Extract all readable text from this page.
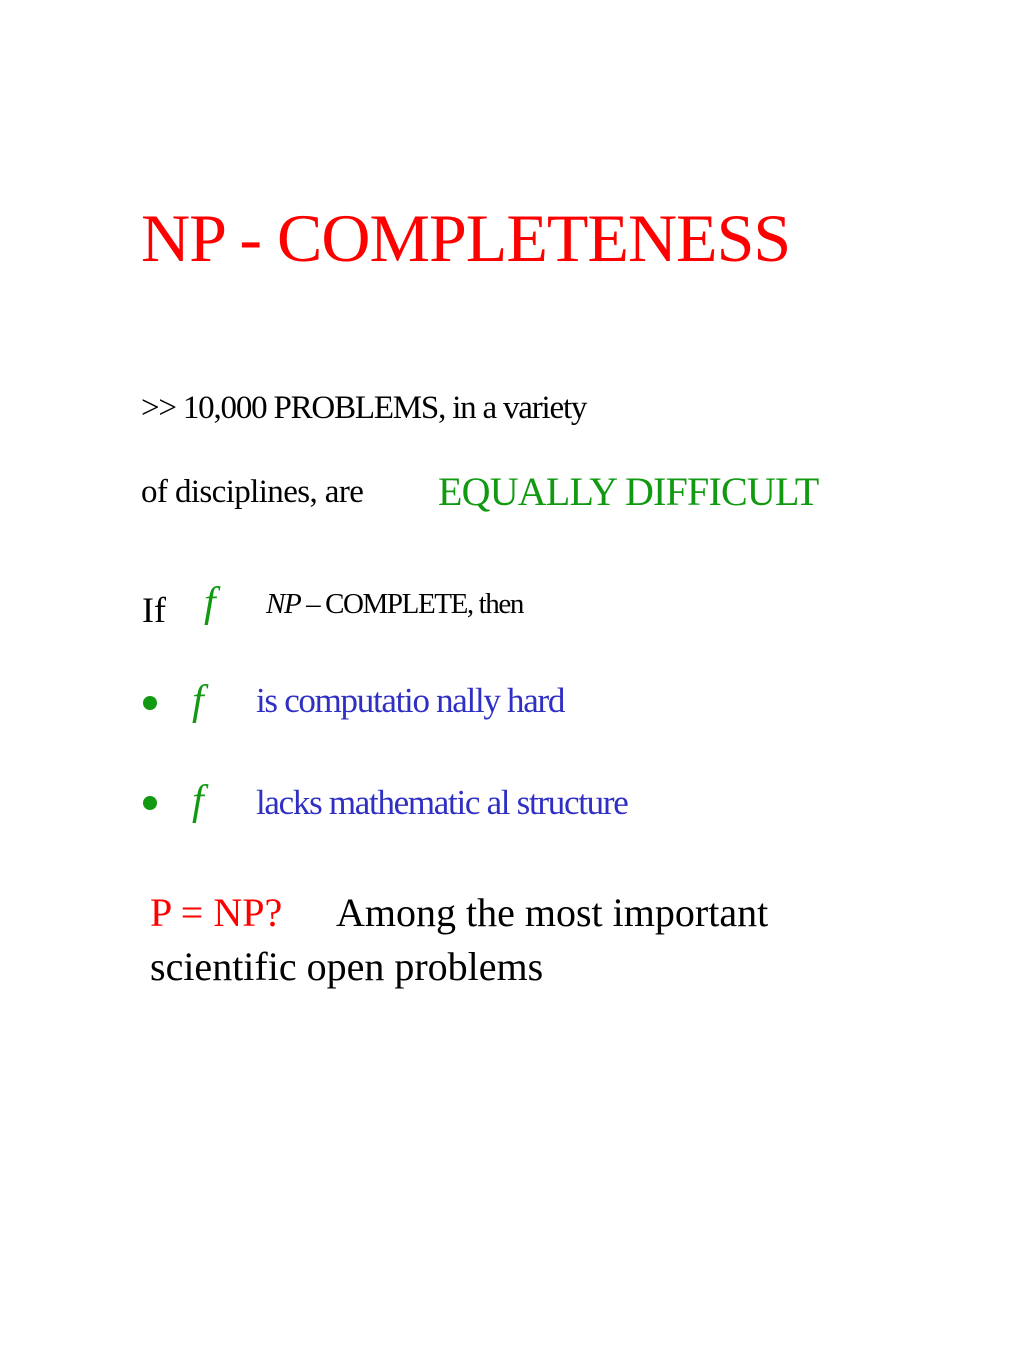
NP - COMPLETENESS
>> 10,000 PROBLEMS, in a variety
of disciplines, are EQUALLY DIFFICULT
If f NP – COMPLETE, then
f is computatio nally hard
f lacks mathematic al structure
P = NP? Among the most important
scientific open problems
